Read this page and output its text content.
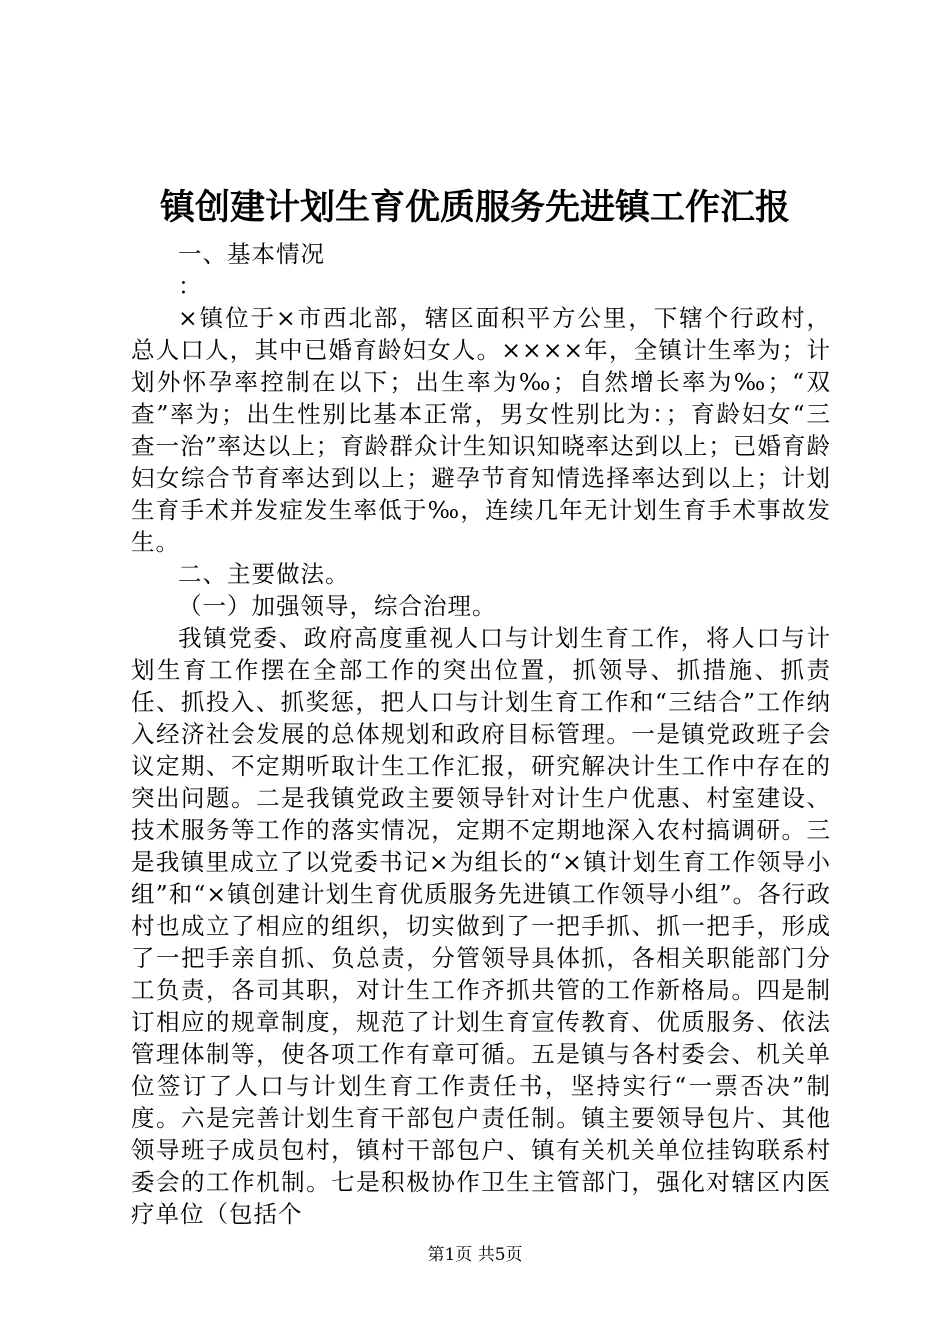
镇创建计划生育优质服务先进镇工作汇报

一、基本情况

：

×镇位于×市西北部，辖区面积平方公里，下辖个行政村，总人口人，其中已婚育龄妇女人。××××年，全镇计生率为；计划外怀孕率控制在以下；出生率为‰；自然增长率为‰；“双查”率为；出生性别比基本正常，男女性别比为：；育龄妇女“三查一治”率达以上；育龄群众计生知识知晓率达到以上；已婚育龄妇女综合节育率达到以上；避孕节育知情选择率达到以上；计划生育手术并发症发生率低于‰，连续几年无计划生育手术事故发生。

二、主要做法。

（一）加强领导，综合治理。

我镇党委、政府高度重视人口与计划生育工作，将人口与计划生育工作摆在全部工作的突出位置，抓领导、抓措施、抓责任、抓投入、抓奖惩，把人口与计划生育工作和“三结合”工作纳入经济社会发展的总体规划和政府目标管理。一是镇党政班子会议定期、不定期听取计生工作汇报，研究解决计生工作中存在的突出问题。二是我镇党政主要领导针对计生户优惠、村室建设、技术服务等工作的落实情况，定期不定期地深入农村搞调研。三是我镇里成立了以党委书记×为组长的“×镇计划生育工作领导小组”和“×镇创建计划生育优质服务先进镇工作领导小组”。各行政村也成立了相应的组织，切实做到了一把手抓、抓一把手，形成了一把手亲自抓、负总责，分管领导具体抓，各相关职能部门分工负责，各司其职，对计生工作齐抓共管的工作新格局。四是制订相应的规章制度，规范了计划生育宣传教育、优质服务、依法管理体制等，使各项工作有章可循。五是镇与各村委会、机关单位签订了人口与计划生育工作责任书，坚持实行“一票否决”制度。六是完善计划生育干部包户责任制。镇主要领导包片、其他领导班子成员包村，镇村干部包户、镇有关机关单位挂钩联系村委会的工作机制。七是积极协作卫生主管部门，强化对辖区内医疗单位（包括个

第1页 共5页
